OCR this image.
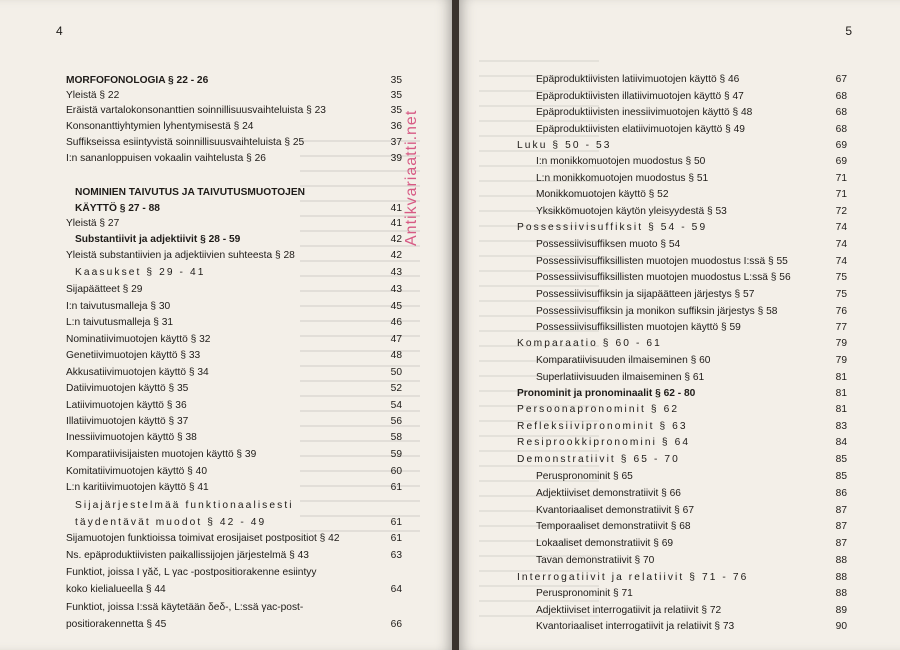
4
MORFOFONOLOGIA § 22 - 26	35
Yleistä § 22	35
Eräistä vartalokonsonanttien soinnillisuusvaihteluista § 23	35
Konsonanttiyhtymien lyhentymisestä § 24	36
Suffikseissa esiintyvistä soinnillisuusvaihteluista § 25	37
I:n sananloppuisen vokaalin vaihtelusta § 26	39
NOMINIEN TAIVUTUS JA TAIVUTUSMUOTOJEN
KÄYTTÖ § 27 - 88	41
Yleistä § 27	41
Substantiivit ja adjektiivit § 28 - 59	42
Yleistä substantiivien ja adjektiivien suhteesta § 28	42
Kaasukset § 29 - 41	43
Sijapäätteet § 29	43
I:n taivutusmalleja § 30	45
L:n taivutusmalleja § 31	46
Nominatiivimuotojen käyttö § 32	47
Genetiivimuotojen käyttö § 33	48
Akkusatiivimuotojen käyttö § 34	50
Datiivimuotojen käyttö § 35	52
Latiivimuotojen käyttö § 36	54
Illatiivimuotojen käyttö § 37	56
Inessiivimuotojen käyttö § 38	58
Komparatiivisijaisten muotojen käyttö § 39	59
Komitatiivimuotojen käyttö § 40	60
L:n karitiivimuotojen käyttö § 41	61
Sijajärjestelmää funktionaalisesti
täydentävät muodot § 42 - 49	61
Sijamuotojen funktioissa toimivat erosijaiset postpositiot § 42	61
Ns. epäproduktiivisten paikallissijojen järjestelmä § 43	63
Funktiot, joissa I γăč, L γac -postpositiorakenne esiintyy
koko kielialueella § 44	64
Funktiot, joissa I:ssä käytetään δeδ-, L:ssä γac-post-
positiorakennetta § 45	66
Antikvariaatti.net
5
Epäproduktiivisten latiivimuotojen käyttö § 46	67
Epäproduktiivisten illatiivimuotojen käyttö § 47	68
Epäproduktiivisten inessiivimuotojen käyttö § 48	68
Epäproduktiivisten elatiivimuotojen käyttö § 49	68
Luku § 50 - 53	69
I:n monikkomuotojen muodostus § 50	69
L:n monikkomuotojen muodostus § 51	71
Monikkomuotojen käyttö § 52	71
Yksikkömuotojen käytön yleisyydestä § 53	72
Possessiivisuffiksit § 54 - 59	74
Possessiivisuffiksen muoto § 54	74
Possessiivisuffiksillisten muotojen muodostus I:ssä § 55	74
Possessiivisuffiksillisten muotojen muodostus L:ssä § 56	75
Possessiivisuffiksin ja sijapäätteen järjestys § 57	75
Possessiivisuffiksin ja monikon suffiksin järjestys § 58	76
Possessiivisuffiksillisten muotojen käyttö § 59	77
Komparaatio § 60 - 61	79
Komparatiivisuuden ilmaiseminen § 60	79
Superlatiivisuuden ilmaiseminen § 61	81
Pronominit ja pronominaalit § 62 - 80	81
Persoonapronominit § 62	81
Refleksiivipronominit § 63	83
Resiprookkipronomini § 64	84
Demonstratiivit § 65 - 70	85
Peruspronominit § 65	85
Adjektiiviset demonstratiivit § 66	86
Kvantoriaaliset demonstratiivit § 67	87
Temporaaliset demonstratiivit § 68	87
Lokaaliset demonstratiivit § 69	87
Tavan demonstratiivit § 70	88
Interrogatiivit ja relatiivit § 71 - 76	88
Peruspronominit § 71	88
Adjektiiviset interrogatiivit ja relatiivit § 72	89
Kvantoriaaliset interrogatiivit ja relatiivit § 73	90
